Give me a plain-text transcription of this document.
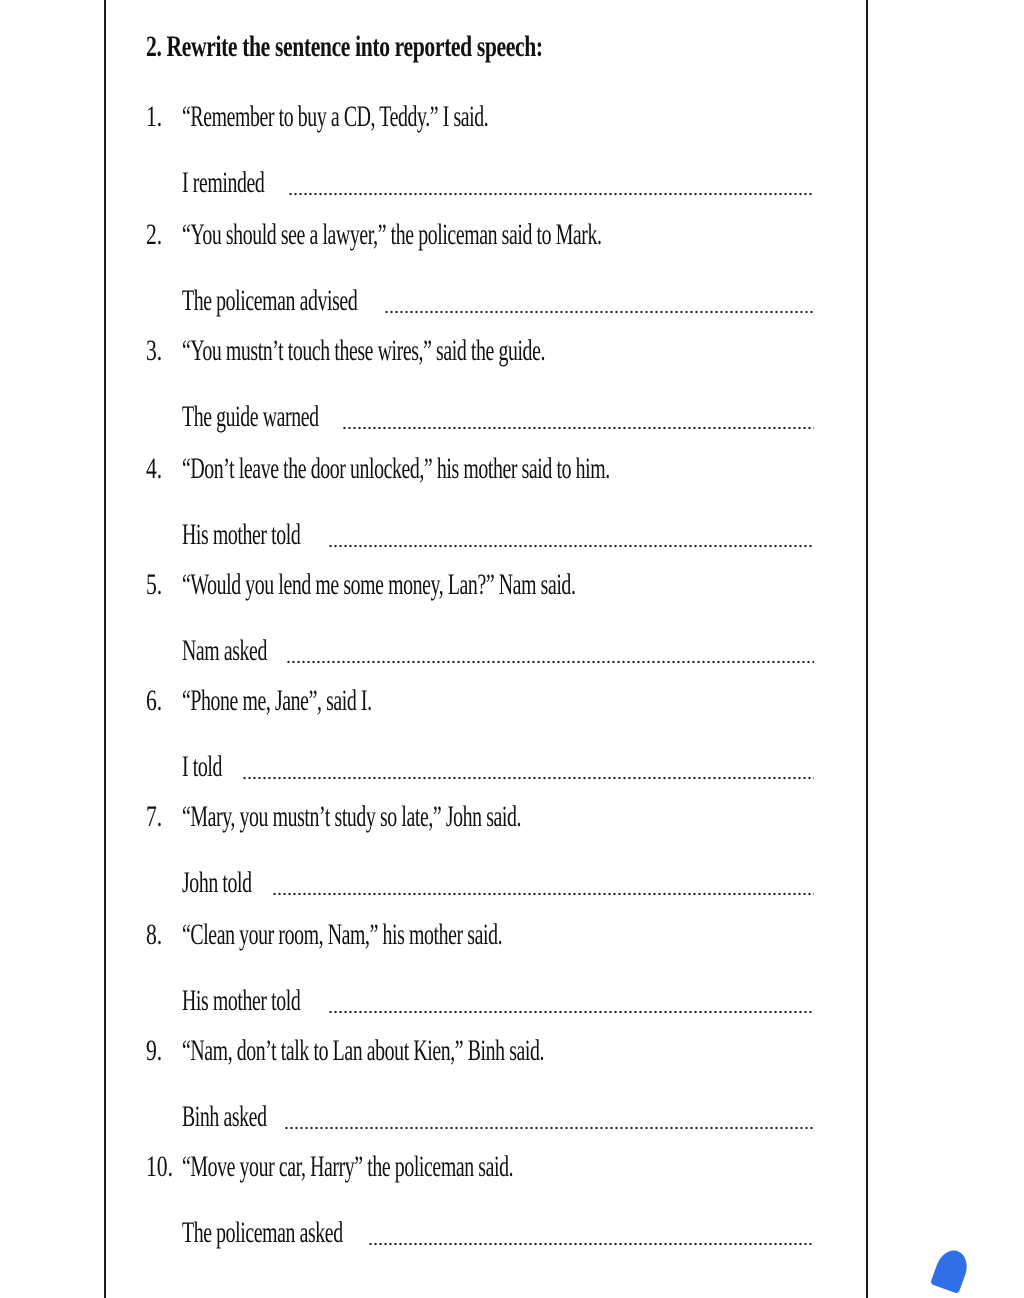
2. Rewrite the sentence into reported speech:
1. “Remember to buy a CD, Teddy.” I said.
I reminded
2. “You should see a lawyer,” the policeman said to Mark.
The policeman advised
3. “You mustn’t touch these wires,” said the guide.
The guide warned
4. “Don’t leave the door unlocked,” his mother said to him.
His mother told
5. “Would you lend me some money, Lan?” Nam said.
Nam asked
6. “Phone me, Jane”, said I.
I told
7. “Mary, you mustn’t study so late,” John said.
John told
8. “Clean your room, Nam,” his mother said.
His mother told
9. “Nam, don’t talk to Lan about Kien,” Binh said.
Binh asked
10. “Move your car, Harry” the policeman said.
The policeman asked
